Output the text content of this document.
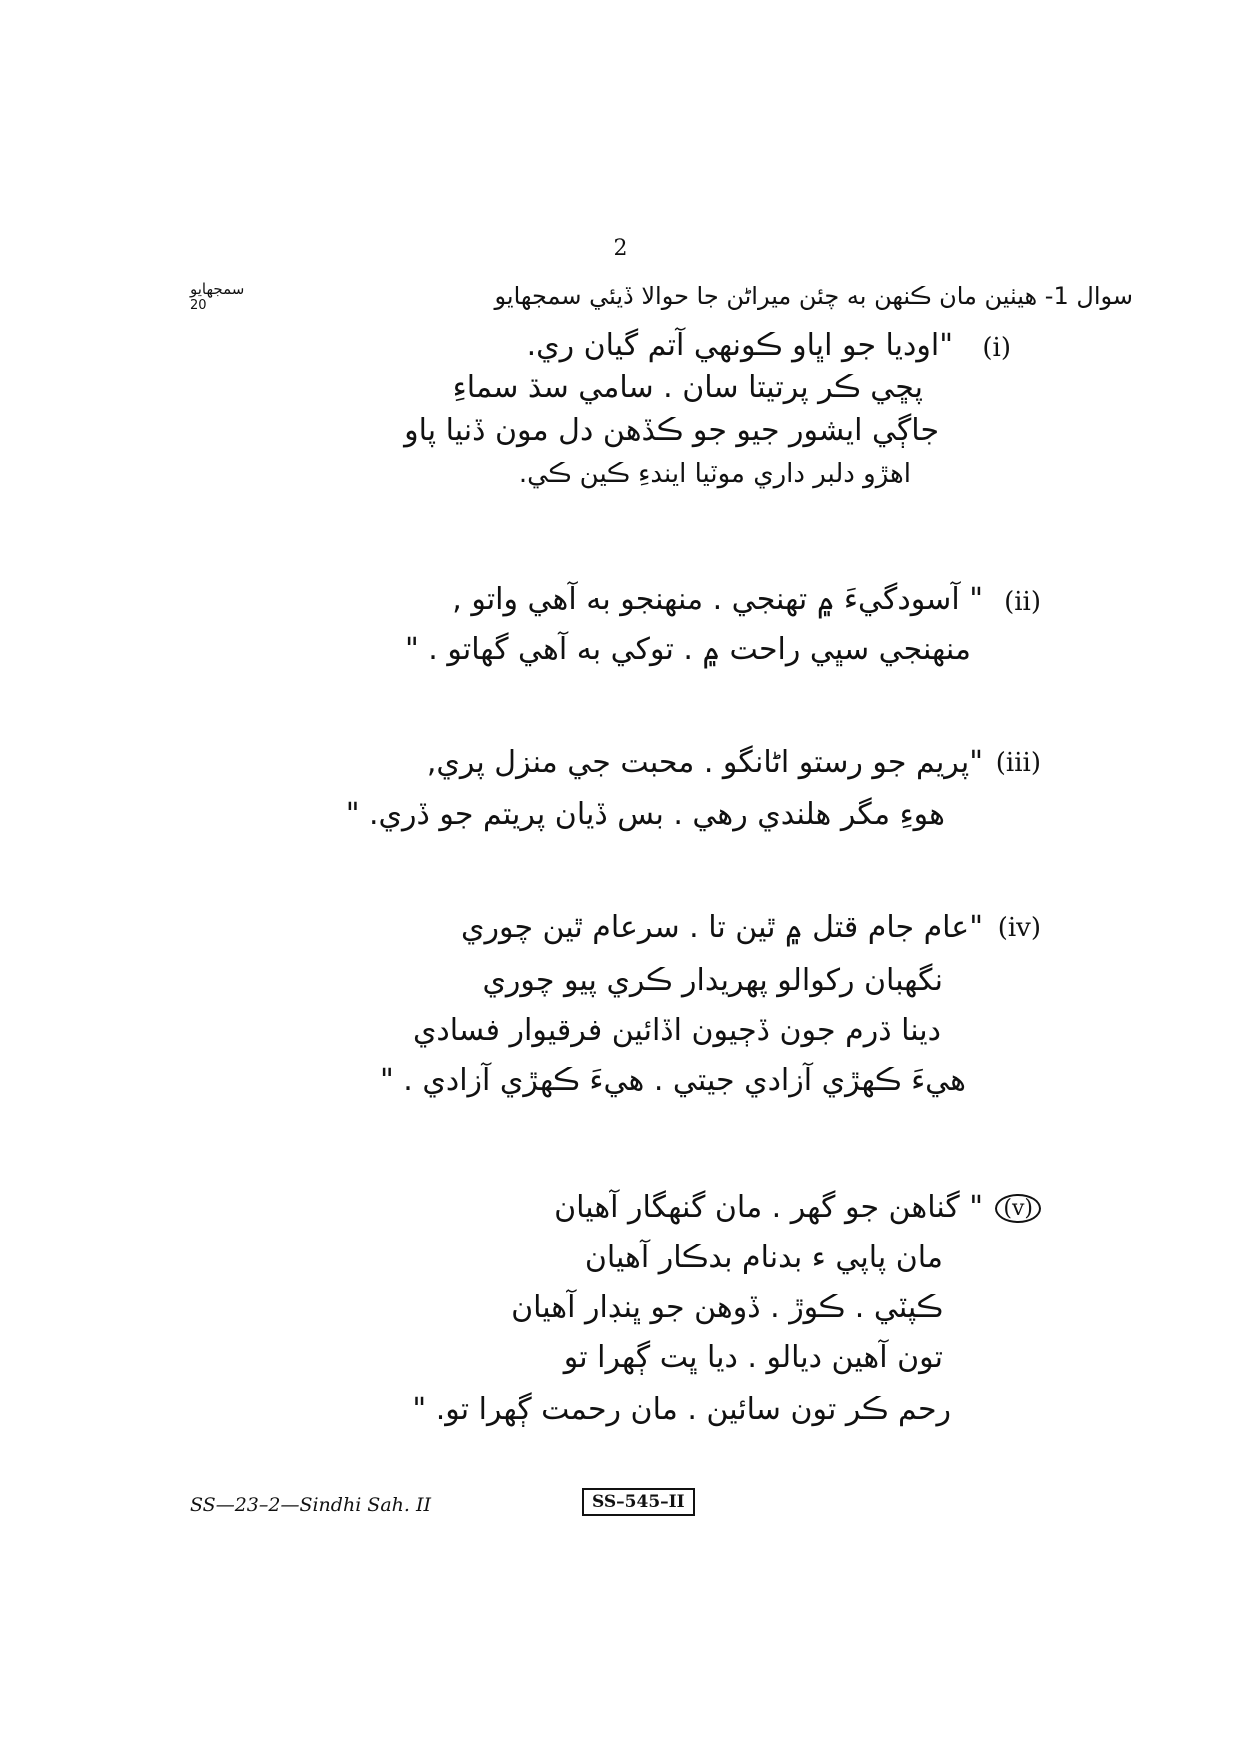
2
سوال 1- هيٺين مان ڪنهن به چئن ميراڻن جا حوالا ڏيئي سمجهايو
سمجهايو
20
(i)
"اوديا جو اڀاو ڪونهي آتم گيان ري.
پڇي ڪر پرتيتا سان . سامي سڌ سماءِ
جاڳي ايشور جيو جو ڪڏهن دل مون ڏنيا پاو
اهڙو دلبر داري موٽيا ايندءِ ڪين ڪي.
(ii)
" آسودگيءَ ۾ تهنجي . منهنجو به آهي واتو ,
منهنجي سڀي راحت ۾ . توکي به آهي گهاتو . "
(iii)
"پريم جو رستو اڻانگو . محبت جي منزل پري,
هوءِ مگر هلندي رهي . بس ڏيان پريتم جو ڏري. "
(iv)
"عام جام قتل ۾ ٿين تا . سرعام ٿين چوري
نگهبان رکوالو پهريدار ڪري پيو چوري
دينا ڌرم جون ڏڄيون اڏائين فرقيوار فسادي
هيءَ ڪهڙي آزادي جيتي . هيءَ ڪهڙي آزادي . "
(v)
" گناهن جو گهر . مان گنهگار آهيان
مان پاپي ء بدنام بدڪار آهيان
ڪپٽي . ڪوڙ . ڏوهن جو ڀنڊار آهيان
تون آهين ديالو . ديا ڀت ڳهرا تو
رحم ڪر تون سائين . مان رحمت ڳهرا تو. "
SS—23–2—Sindhi Sah. II	SS–545–II
